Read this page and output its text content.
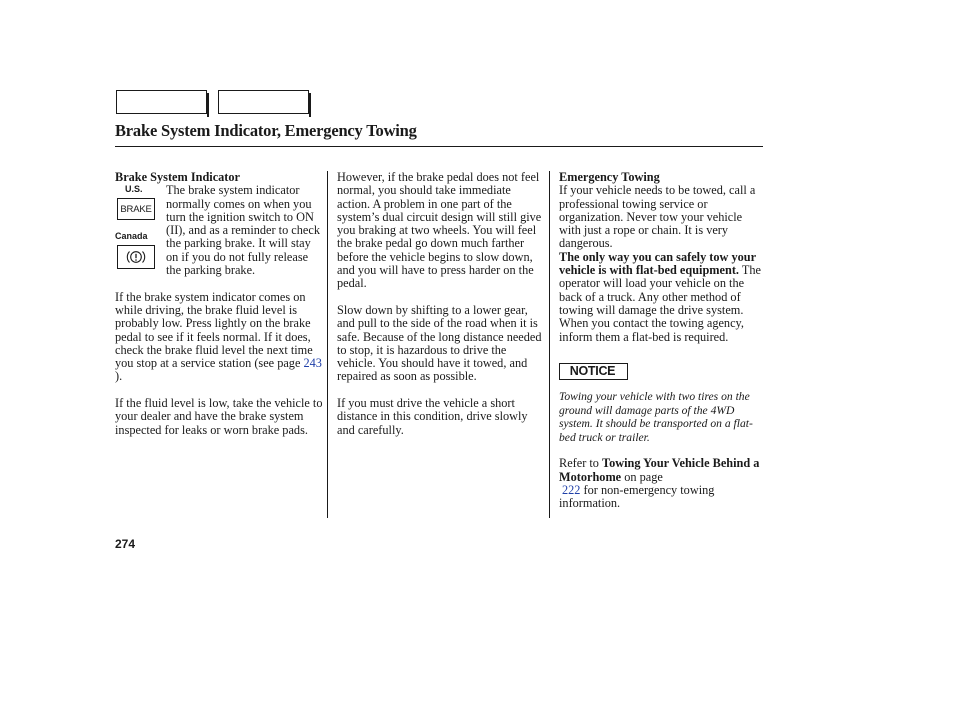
Brake System Indicator, Emergency Towing
Brake System Indicator
U.S.
BRAKE
Canada
The brake system indicator normally comes on when you turn the ignition switch to ON (II), and as a reminder to check the parking brake. It will stay on if you do not fully release the parking brake.

If the brake system indicator comes on while driving, the brake fluid level is probably low. Press lightly on the brake pedal to see if it feels normal. If it does, check the brake fluid level the next time you stop at a service station (see page 243 ).

If the fluid level is low, take the vehicle to your dealer and have the brake system inspected for leaks or worn brake pads.

However, if the brake pedal does not feel normal, you should take immediate action. A problem in one part of the system’s dual circuit design will still give you braking at two wheels. You will feel the brake pedal go down much farther before the vehicle begins to slow down, and you will have to press harder on the pedal.

Slow down by shifting to a lower gear, and pull to the side of the road when it is safe. Because of the long distance needed to stop, it is hazardous to drive the vehicle. You should have it towed, and repaired as soon as possible.

If you must drive the vehicle a short distance in this condition, drive slowly and carefully.

Emergency Towing
If your vehicle needs to be towed, call a professional towing service or organization. Never tow your vehicle with just a rope or chain. It is very dangerous.

The only way you can safely tow your vehicle is with flat-bed equipment. The operator will load your vehicle on the back of a truck. Any other method of towing will damage the drive system. When you contact the towing agency, inform them a flat-bed is required.

NOTICE

Towing your vehicle with two tires on the ground will damage parts of the 4WD system. It should be transported on a flat-bed truck or trailer.

Refer to Towing Your Vehicle Behind a Motorhome on page
222 for non-emergency towing information.

274
